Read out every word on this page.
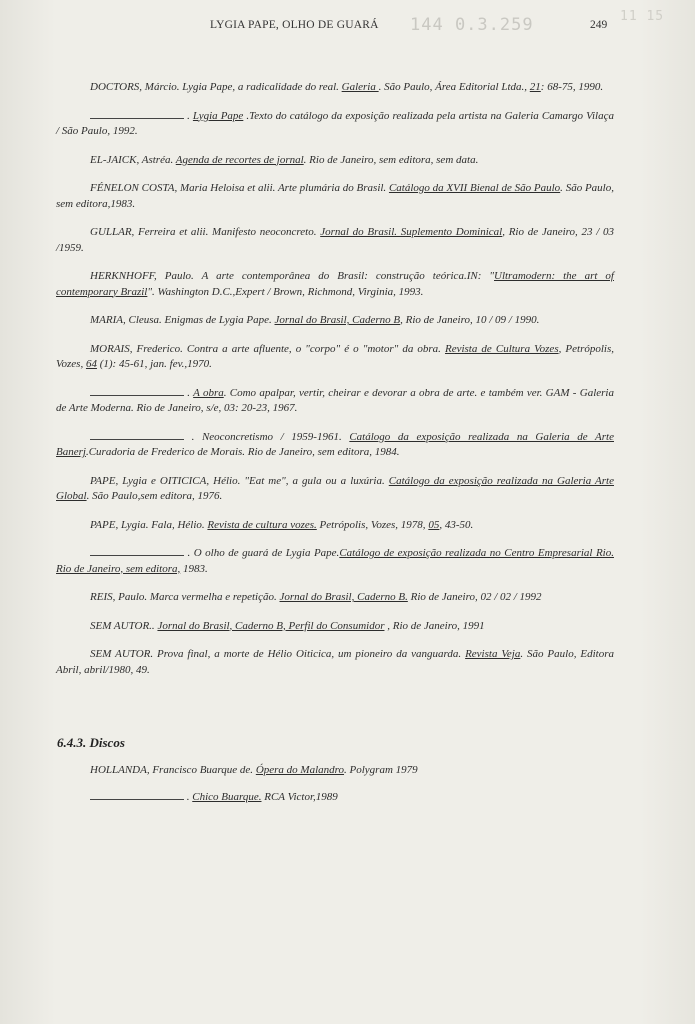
LYGIA PAPE, OLHO DE GUARÁ 144 0.3.259	11 15
249

DOCTORS, Márcio. Lygia Pape, a radicalidade do real. Galeria . São Paulo, Área Editorial Ltda., 21: 68-75, 1990.

. Lygia Pape .Texto do catálogo da exposição realizada pela artista na Galeria Camargo Vilaça / São Paulo, 1992.

EL-JAICK, Astréa. Agenda de recortes de jornal. Rio de Janeiro, sem editora, sem data.

FÉNELON COSTA, Maria Heloisa et alii. Arte plumária do Brasil. Catálogo da XVII Bienal de São Paulo. São Paulo, sem editora,1983.

GULLAR, Ferreira et alii. Manifesto neoconcreto. Jornal do Brasil. Suplemento Dominical, Rio de Janeiro, 23 / 03 /1959.

HERKNHOFF, Paulo. A arte contemporânea do Brasil: construção teórica.IN: "Ultramodern: the art of contemporary Brazil". Washington D.C.,Expert / Brown, Richmond, Virginia, 1993.

MARIA, Cleusa. Enigmas de Lygia Pape. Jornal do Brasil, Caderno B, Rio de Janeiro, 10 / 09 / 1990.

MORAIS, Frederico. Contra a arte afluente, o "corpo" é o "motor" da obra. Revista de Cultura Vozes, Petrópolis, Vozes, 64 (1): 45-61, jan. fev.,1970.

. A obra. Como apalpar, vertir, cheirar e devorar a obra de arte. e também ver. GAM - Galeria de Arte Moderna. Rio de Janeiro, s/e, 03: 20-23, 1967.

. Neoconcretismo / 1959-1961. Catálogo da exposição realizada na Galeria de Arte Banerj.Curadoria de Frederico de Morais. Rio de Janeiro, sem editora, 1984.

PAPE, Lygia e OITICICA, Hélio. "Eat me", a gula ou a luxúria. Catálogo da exposição realizada na Galeria Arte Global. São Paulo,sem editora, 1976.

PAPE, Lygia. Fala, Hélio. Revista de cultura vozes. Petrópolis, Vozes, 1978, 05, 43-50.

. O olho de guará de Lygia Pape.Catálogo de exposição realizada no Centro Empresarial Rio. Rio de Janeiro, sem editora, 1983.

REIS, Paulo. Marca vermelha e repetição. Jornal do Brasil, Caderno B. Rio de Janeiro, 02 / 02 / 1992

SEM AUTOR.. Jornal do Brasil, Caderno B, Perfil do Consumidor , Rio de Janeiro, 1991

SEM AUTOR. Prova final, a morte de Hélio Oiticica, um pioneiro da vanguarda. Revista Veja. São Paulo, Editora Abril, abril/1980, 49.

6.4.3. Discos

HOLLANDA, Francisco Buarque de. Ópera do Malandro. Polygram 1979

. Chico Buarque. RCA Victor,1989
